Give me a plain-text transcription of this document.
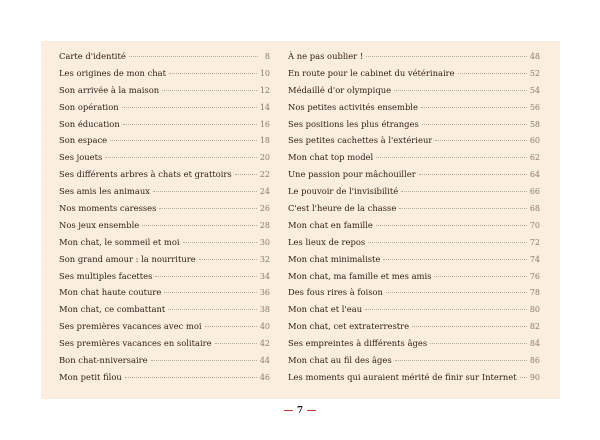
Carte d'identité	8
Les origines de mon chat	10
Son arrivée à la maison	12
Son opération	14
Son éducation	16
Son espace	18
Ses jouets	20
Ses différents arbres à chats et grattoirs	22
Ses amis les animaux	24
Nos moments caresses	26
Nos jeux ensemble	28
Mon chat, le sommeil et moi	30
Son grand amour : la nourriture	32
Ses multiples facettes	34
Mon chat haute couture	36
Mon chat, ce combattant	38
Ses premières vacances avec moi	40
Ses premières vacances en solitaire	42
Bon chat-nniversaire	44
Mon petit filou	46
À ne pas oublier !	48
En route pour le cabinet du vétérinaire	52
Médaillé d'or olympique	54
Nos petites activités ensemble	56
Ses positions les plus étranges	58
Ses petites cachettes à l'extérieur	60
Mon chat top model	62
Une passion pour mâchouiller	64
Le pouvoir de l'invisibilité	66
C'est l'heure de la chasse	68
Mon chat en famille	70
Les lieux de repos	72
Mon chat minimaliste	74
Mon chat, ma famille et mes amis	76
Des fous rires à foison	78
Mon chat et l'eau	80
Mon chat, cet extraterrestre	82
Ses empreintes à différents âges	84
Mon chat au fil des âges	86
Les moments qui auraient mérité de finir sur Internet 90
7
